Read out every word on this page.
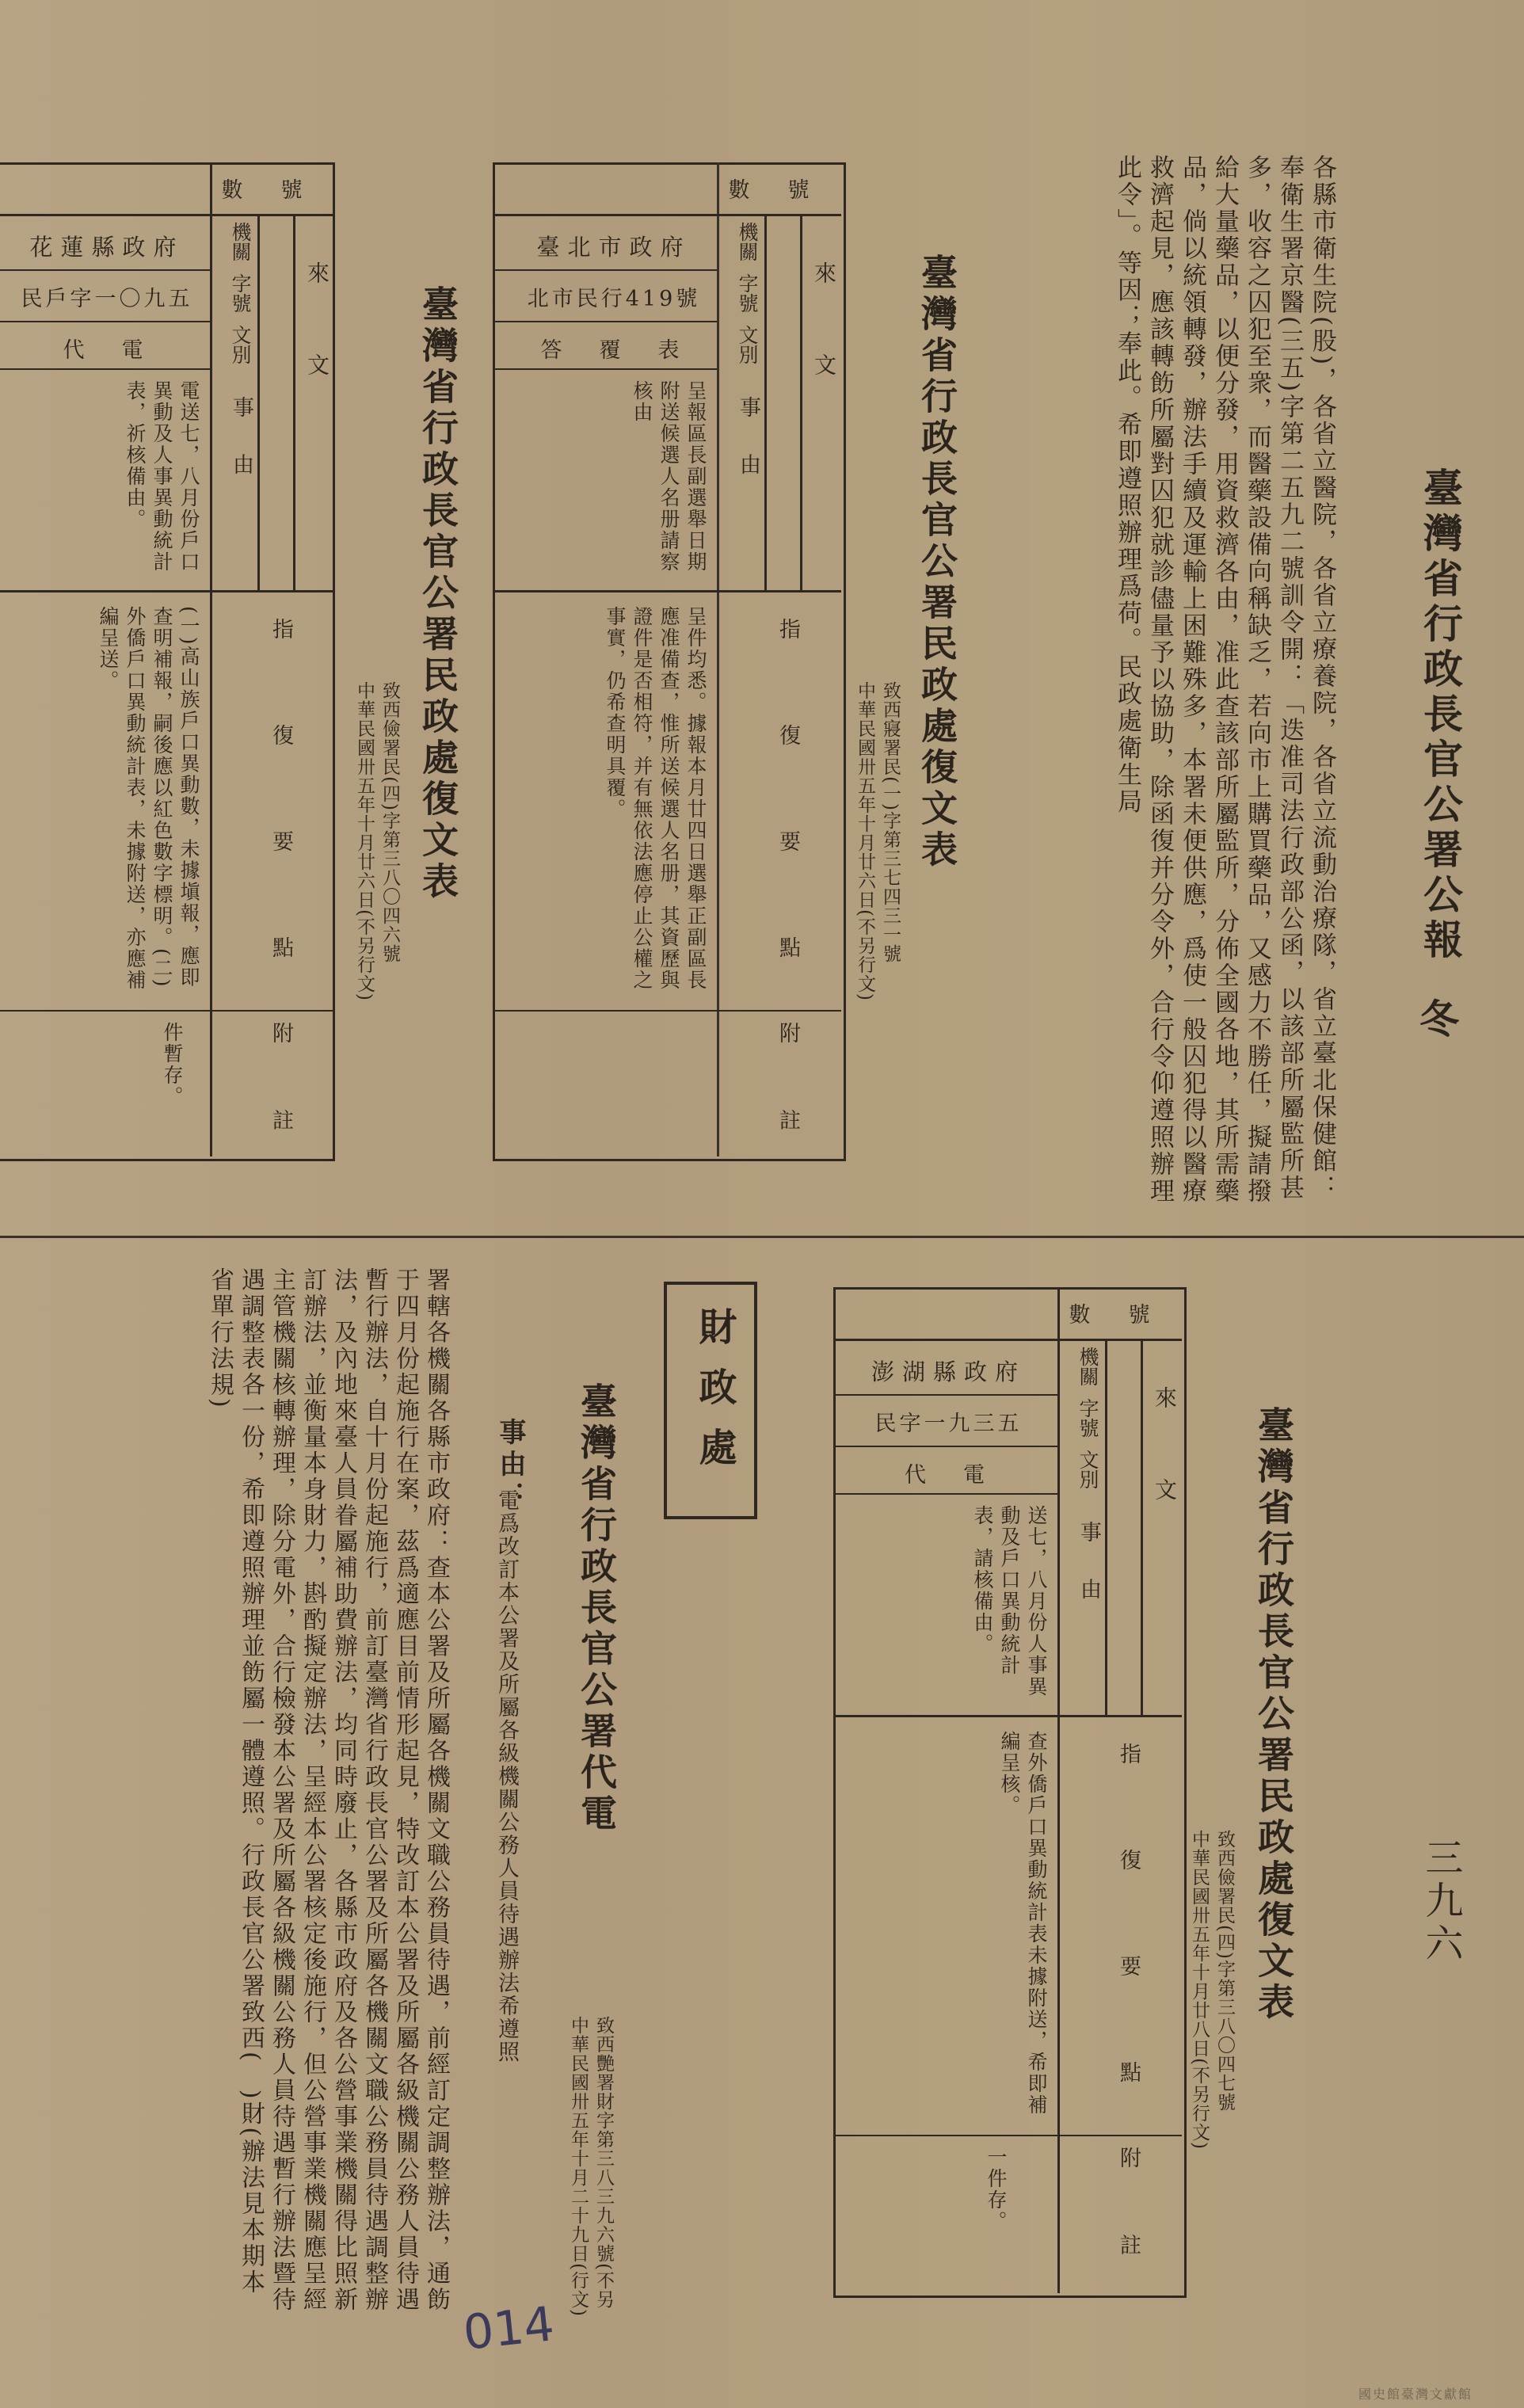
臺灣省行政長官公署公報
冬
三九六
各縣市衛生院(股)，各省立醫院，各省立療養院，各省立流動治療隊，省立臺北保健館：奉衛生署京醫(三五)字第二五九二號訓令開：「迭准司法行政部公函，以該部所屬監所甚多，收容之囚犯至衆，而醫藥設備向稱缺乏，若向市上購買藥品，又感力不勝任，擬請撥給大量藥品，以便分發，用資救濟各由，准此查該部所屬監所，分佈全國各地，其所需藥品，倘以統領轉發，辦法手續及運輸上困難殊多，本署未便供應，爲使一般囚犯得以醫療救濟起見，應該轉飭所屬對囚犯就診儘量予以協助，除函復并分令外，合行令仰遵照辦理此令」。等因；奉此。希即遵照辦理爲荷。民政處衛生局
臺灣省行政長官公署民政處復文表
致西寢署民(一)字第三七四三一號
中華民國卅五年十月廿六日(不另行文)
號
數
來　文
機關
字號
文別
事由
指　復　要　點
附　註
臺北市政府
北市民行419號
答　覆　表
呈報區長副選舉日期附送候選人名册請察核由
呈件均悉。據報本月廿四日選舉正副區長應准備查，惟所送候選人名册，其資歷與證件是否相符，并有無依法應停止公權之事實，仍希查明具覆。
臺灣省行政長官公署民政處復文表
致西儉署民(四)字第三八〇四六號
中華民國卅五年十月廿六日(不另行文)
號
數
來　文
機關
字號
文別
事由
指　復　要　點
附　註
花蓮縣政府
民戶字一〇九五
代　電
電送七，八月份戶口異動及人事異動統計表，祈核備由。
(一)高山族戶口異動數，未據塡報，應即查明補報，嗣後應以紅色數字標明。(二)外僑戶口異動統計表，未據附送，亦應補編呈送。
件暫存。
臺灣省行政長官公署民政處復文表
致西儉署民(四)字第三八〇四七號
中華民國卅五年十月廿八日(不另行文)
號
數
來　文
機關
字號
文別
事由
指　復　要　點
附　註
澎湖縣政府
民字一九三五
代　電
送七，八月份人事異動及戶口異動統計表，請核備由。
查外僑戶口異動統計表未據附送，希即補編呈核。
一件存。
財政處
臺灣省行政長官公署代電
致西艷署財字第三八三九六號(不另
中華民國卅五年十月二十九日(行文)
事由：
電爲改訂本公署及所屬各級機關公務人員待遇辦法希遵照
署轄各機關各縣市政府：查本公署及所屬各機關文職公務員待遇，前經訂定調整辦法，通飭于四月份起施行在案，茲爲適應目前情形起見，特改訂本公署及所屬各級機關公務人員待遇暫行辦法，自十月份起施行，前訂臺灣省行政長官公署及所屬各機關文職公務員待遇調整辦法，及內地來臺人員眷屬補助費辦法，均同時廢止，各縣市政府及各公營事業機關得比照新訂辦法，並衡量本身財力，斟酌擬定辦法，呈經本公署核定後施行，但公營事業機關應呈經主管機關核轉辦理，除分電外，合行檢發本公署及所屬各級機關公務人員待遇暫行辦法暨待遇調整表各一份，希即遵照辦理並飭屬一體遵照。行政長官公署致西(　)財(辦法見本期本省單行法規)
014
國史館臺灣文獻館
